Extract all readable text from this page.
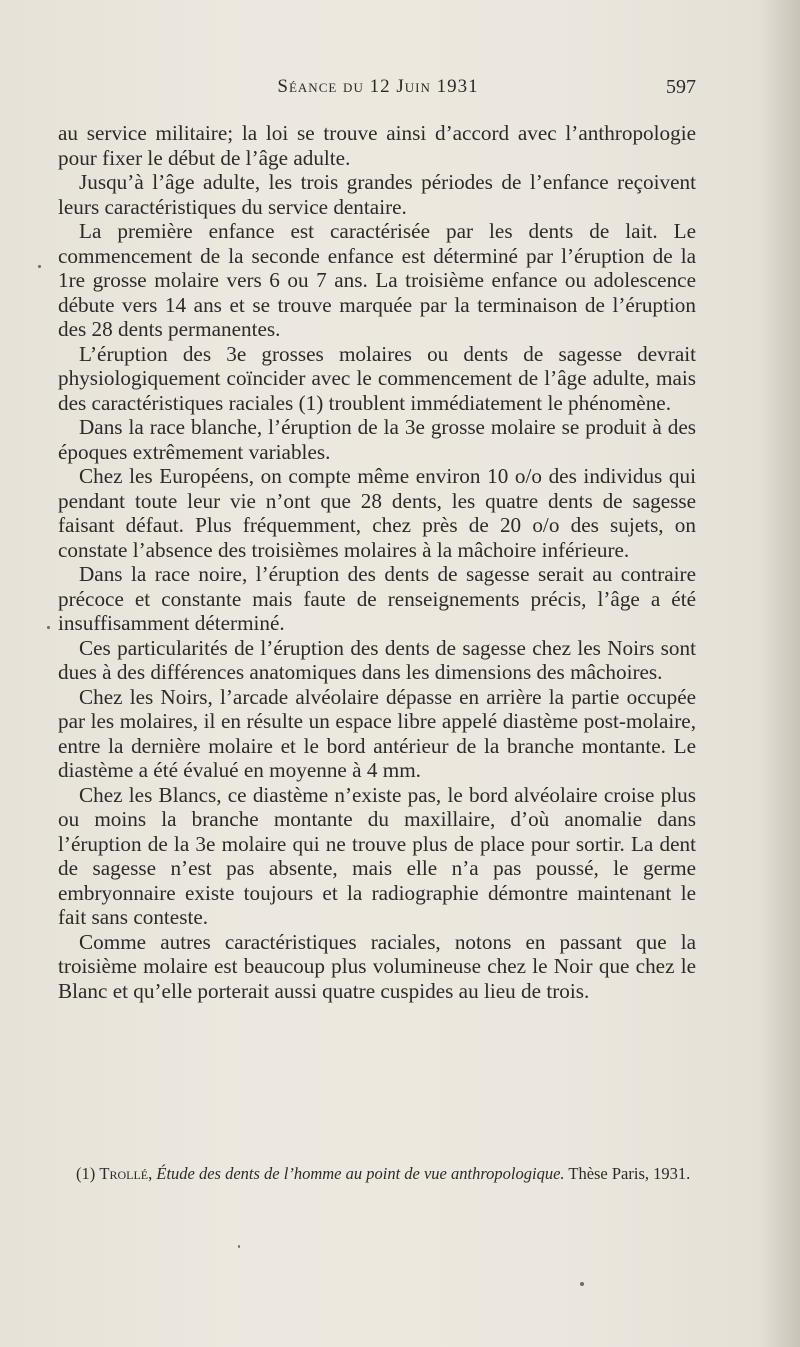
Séance du 12 Juin 1931	597

au service militaire; la loi se trouve ainsi d’accord avec l’anthropologie pour fixer le début de l’âge adulte.

Jusqu’à l’âge adulte, les trois grandes périodes de l’enfance reçoivent leurs caractéristiques du service dentaire.

La première enfance est caractérisée par les dents de lait. Le commencement de la seconde enfance est déterminé par l’éruption de la 1re grosse molaire vers 6 ou 7 ans. La troisième enfance ou adolescence débute vers 14 ans et se trouve marquée par la terminaison de l’éruption des 28 dents permanentes.

L’éruption des 3e grosses molaires ou dents de sagesse devrait physiologiquement coïncider avec le commencement de l’âge adulte, mais des caractéristiques raciales (1) troublent immédiatement le phénomène.

Dans la race blanche, l’éruption de la 3e grosse molaire se produit à des époques extrêmement variables.

Chez les Européens, on compte même environ 10 o/o des individus qui pendant toute leur vie n’ont que 28 dents, les quatre dents de sagesse faisant défaut. Plus fréquemment, chez près de 20 o/o des sujets, on constate l’absence des troisièmes molaires à la mâchoire inférieure.

Dans la race noire, l’éruption des dents de sagesse serait au contraire précoce et constante mais faute de renseignements précis, l’âge a été insuffisamment déterminé.

Ces particularités de l’éruption des dents de sagesse chez les Noirs sont dues à des différences anatomiques dans les dimensions des mâchoires.

Chez les Noirs, l’arcade alvéolaire dépasse en arrière la partie occupée par les molaires, il en résulte un espace libre appelé diastème post-molaire, entre la dernière molaire et le bord antérieur de la branche montante. Le diastème a été évalué en moyenne à 4 mm.

Chez les Blancs, ce diastème n’existe pas, le bord alvéolaire croise plus ou moins la branche montante du maxillaire, d’où anomalie dans l’éruption de la 3e molaire qui ne trouve plus de place pour sortir. La dent de sagesse n’est pas absente, mais elle n’a pas poussé, le germe embryonnaire existe toujours et la radiographie démontre maintenant le fait sans conteste.

Comme autres caractéristiques raciales, notons en passant que la troisième molaire est beaucoup plus volumineuse chez le Noir que chez le Blanc et qu’elle porterait aussi quatre cuspides au lieu de trois.

(1) Trollé, Étude des dents de l’homme au point de vue anthropologique. Thèse Paris, 1931.
